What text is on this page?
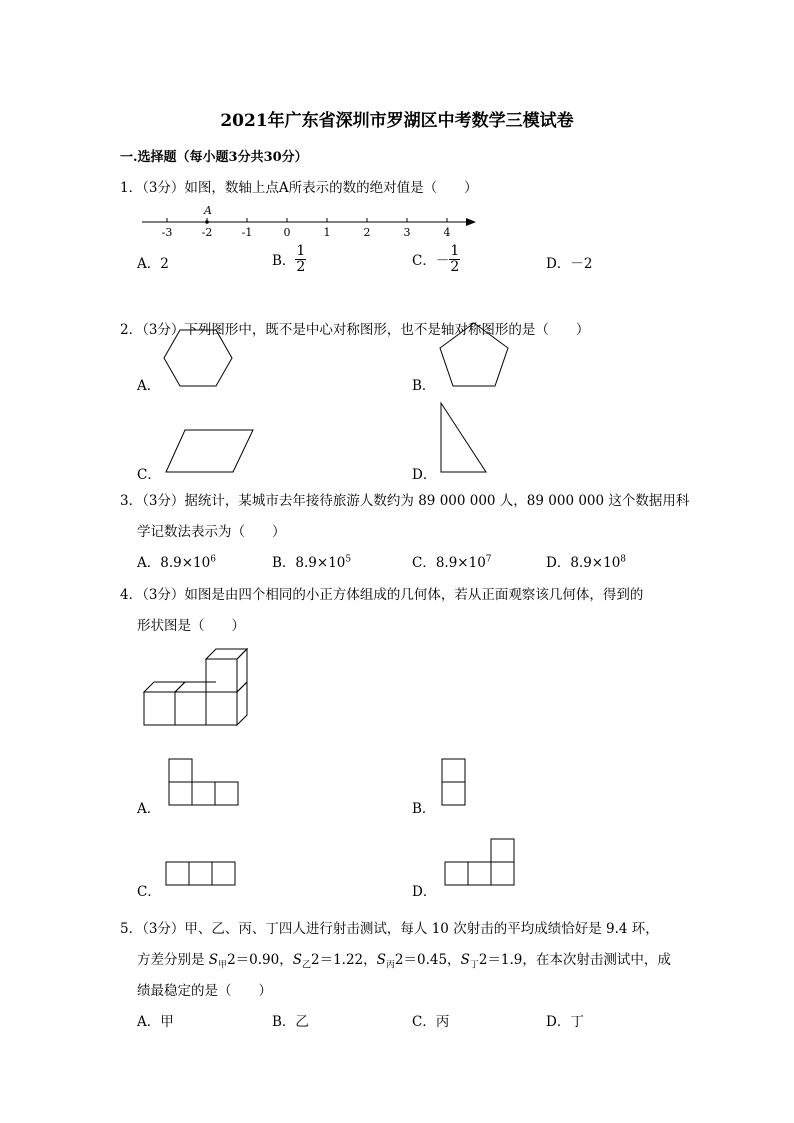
2021年广东省深圳市罗湖区中考数学三模试卷
一.选择题（每小题3分共30分）
1．（3分）如图，数轴上点A所表示的数的绝对值是（　　）
-3	-2	-1	0	1	2	3	4
A
A．2	B． $\frac{1}{2}$	C．－ $\frac{1}{2}$	D．－2
2．（3分）下列图形中，既不是中心对称图形，也不是轴对称图形的是（　　）
A．	B．
C．	D．
3．（3分）据统计，某城市去年接待旅游人数约为 89 000 000 人，89 000 000 这个数据用科
学记数法表示为（　　）
A．$8.9\times 10^6$	B．$8.9\times 10^5$	C．$8.9\times 10^7$	D．$8.9\times 10^8$
4．（3分）如图是由四个相同的小正方体组成的几何体，若从正面观察该几何体，得到的
形状图是（　　）
A．	B．
C．	D．
5．（3分）甲、乙、丙、丁四人进行射击测试，每人 10 次射击的平均成绩恰好是 9.4 环，
方差分别是 $S_甲2=0.90$，$S_乙2=1.22$，$S_丙2=0.45$，$S_丁2=1.9$，在本次射击测试中，成
绩最稳定的是（　　）
A．甲	B．乙	C．丙	D．丁
